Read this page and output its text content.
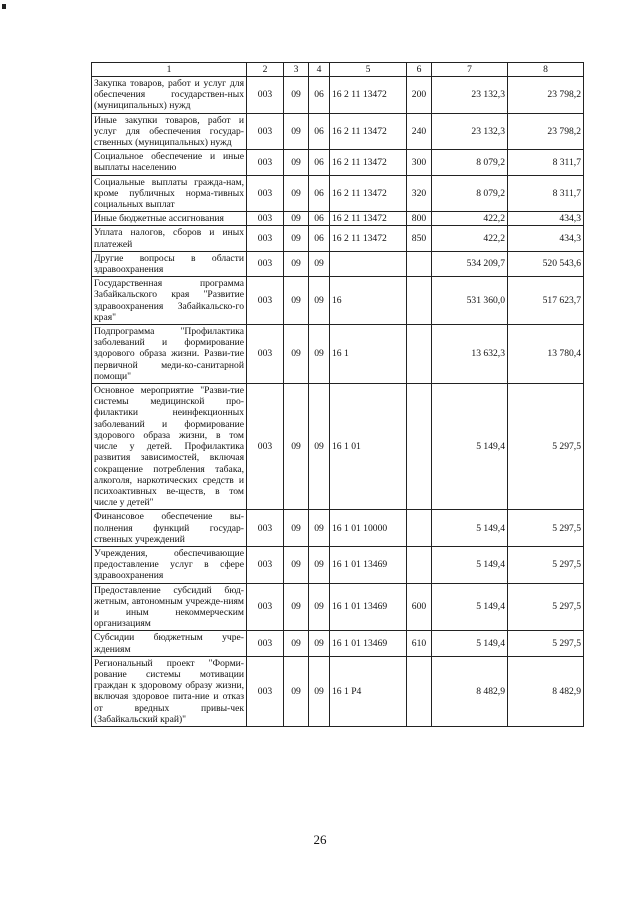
1	2	3	4	5	6	7	8
Закупка товаров, работ и услуг для обеспечения государствен-ных (муниципальных) нужд	003	09	06	16 2 11 13472	200	23 132,3	23 798,2
Иные закупки товаров, работ и услуг для обеспечения государ-ственных (муниципальных) нужд	003	09	06	16 2 11 13472	240	23 132,3	23 798,2
Социальное обеспечение и иные выплаты населению	003	09	06	16 2 11 13472	300	8 079,2	8 311,7
Социальные выплаты гражда-нам, кроме публичных норма-тивных социальных выплат	003	09	06	16 2 11 13472	320	8 079,2	8 311,7
Иные бюджетные ассигнования	003	09	06	16 2 11 13472	800	422,2	434,3
Уплата налогов, сборов и иных платежей	003	09	06	16 2 11 13472	850	422,2	434,3
Другие вопросы в области здравоохранения	003	09	09			534 209,7	520 543,6
Государственная программа Забайкальского края "Развитие здравоохранения Забайкальско-го края"	003	09	09	16		531 360,0	517 623,7
Подпрограмма "Профилактика заболеваний и формирование здорового образа жизни. Разви-тие первичной меди-ко-санитарной помощи"	003	09	09	16 1		13 632,3	13 780,4
Основное мероприятие "Разви-тие системы медицинской про-филактики неинфекционных заболеваний и формирование здорового образа жизни, в том числе у детей. Профилактика развития зависимостей, включая сокращение потребления табака, алкоголя, наркотических средств и психоактивных ве-ществ, в том числе у детей"	003	09	09	16 1 01		5 149,4	5 297,5
Финансовое обеспечение вы-полнения функций государ-ственных учреждений	003	09	09	16 1 01 10000		5 149,4	5 297,5
Учреждения, обеспечивающие предоставление услуг в сфере здравоохранения	003	09	09	16 1 01 13469		5 149,4	5 297,5
Предоставление субсидий бюд-жетным, автономным учрежде-ниям и иным некоммерческим организациям	003	09	09	16 1 01 13469	600	5 149,4	5 297,5
Субсидии бюджетным учре-ждениям	003	09	09	16 1 01 13469	610	5 149,4	5 297,5
Региональный проект "Форми-рование системы мотивации граждан к здоровому образу жизни, включая здоровое пита-ние и отказ от вредных привы-чек (Забайкальский край)"	003	09	09	16 1 P4		8 482,9	8 482,9
26
